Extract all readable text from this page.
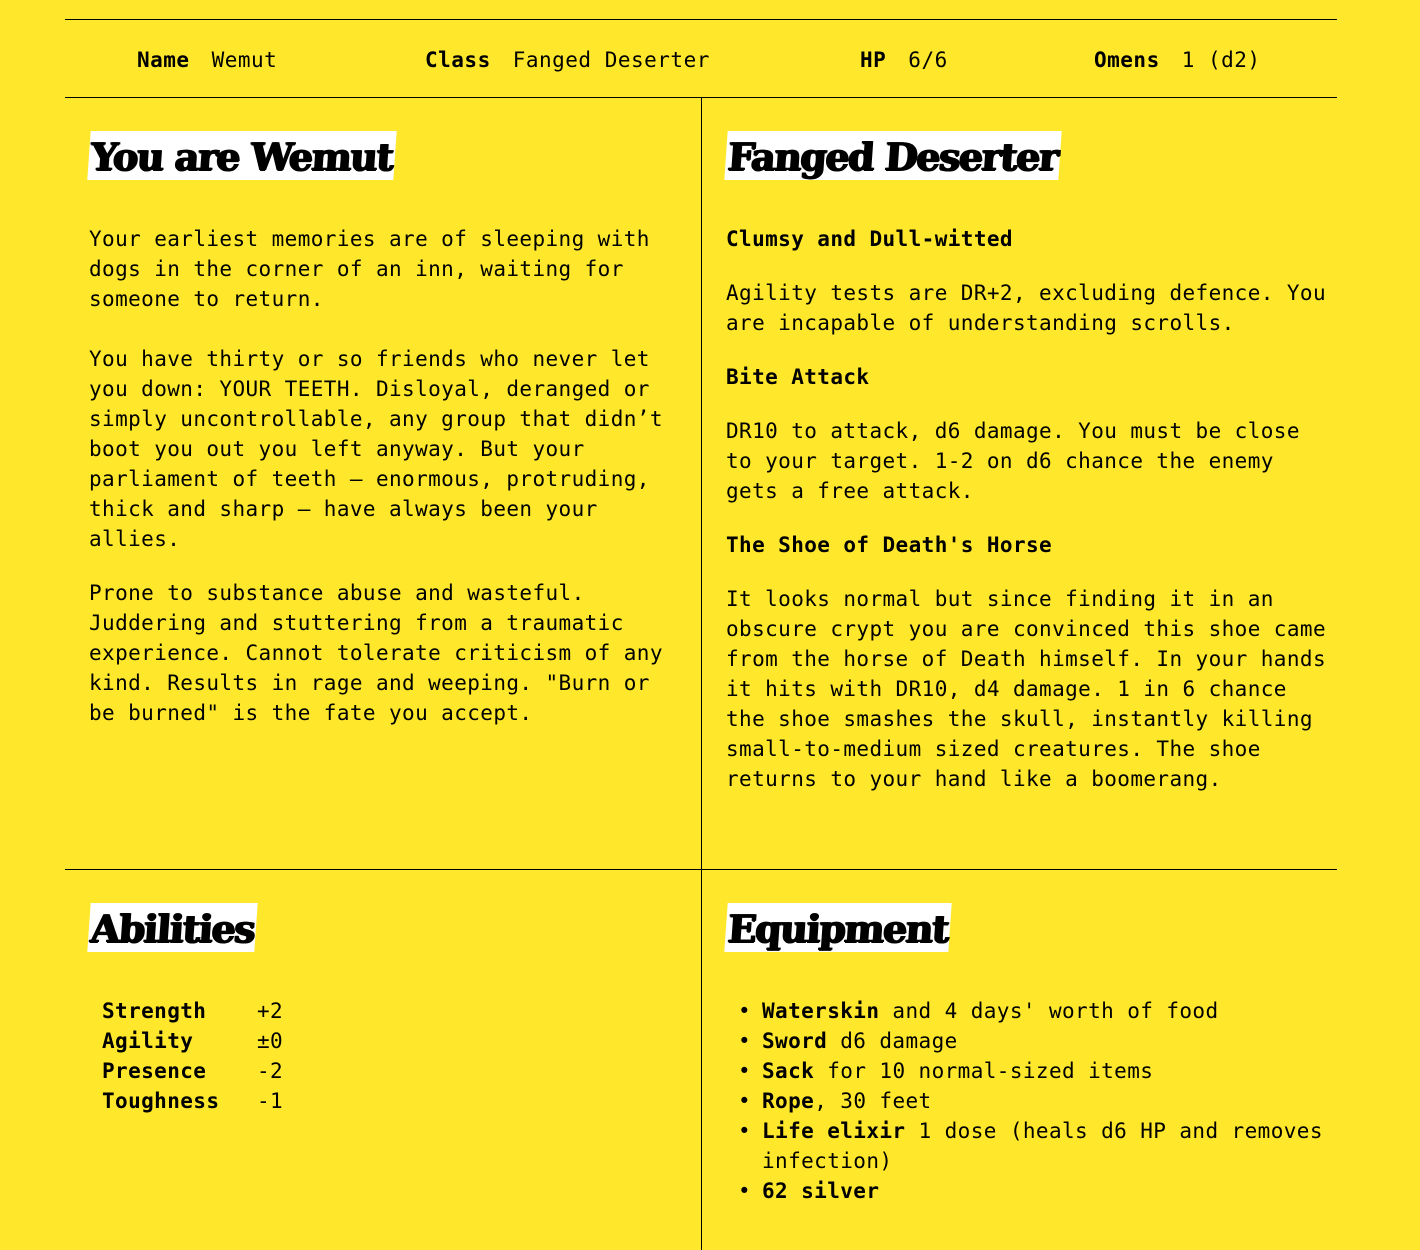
Name Wemut	Class Fanged Deserter	HP 6/6	Omens 1 (d2)
You are Wemut

Your earliest memories are of sleeping with dogs in the corner of an inn, waiting for someone to return.

You have thirty or so friends who never let you down: YOUR TEETH. Disloyal, deranged or simply uncontrollable, any group that didn’t boot you out you left anyway. But your parliament of teeth — enormous, protruding, thick and sharp — have always been your allies.

Prone to substance abuse and wasteful. Juddering and stuttering from a traumatic experience. Cannot tolerate criticism of any kind. Results in rage and weeping. "Burn or be burned" is the fate you accept.

Fanged Deserter
Clumsy and Dull-witted

Agility tests are DR+2, excluding defence. You are incapable of understanding scrolls.

Bite Attack

DR10 to attack, d6 damage. You must be close to your target. 1-2 on d6 chance the enemy gets a free attack.

The Shoe of Death's Horse

It looks normal but since finding it in an obscure crypt you are convinced this shoe came from the horse of Death himself. In your hands it hits with DR10, d4 damage. 1 in 6 chance the shoe smashes the skull, instantly killing small-to-medium sized creatures. The shoe returns to your hand like a boomerang.

Abilities
Strength +2
Agility	±0
Presence -2
Toughness -1
Equipment
• Waterskin and 4 days' worth of food
• Sword d6 damage
• Sack for 10 normal-sized items
• Rope, 30 feet
• Life elixir 1 dose (heals d6 HP and removes infection)
• 62 silver
